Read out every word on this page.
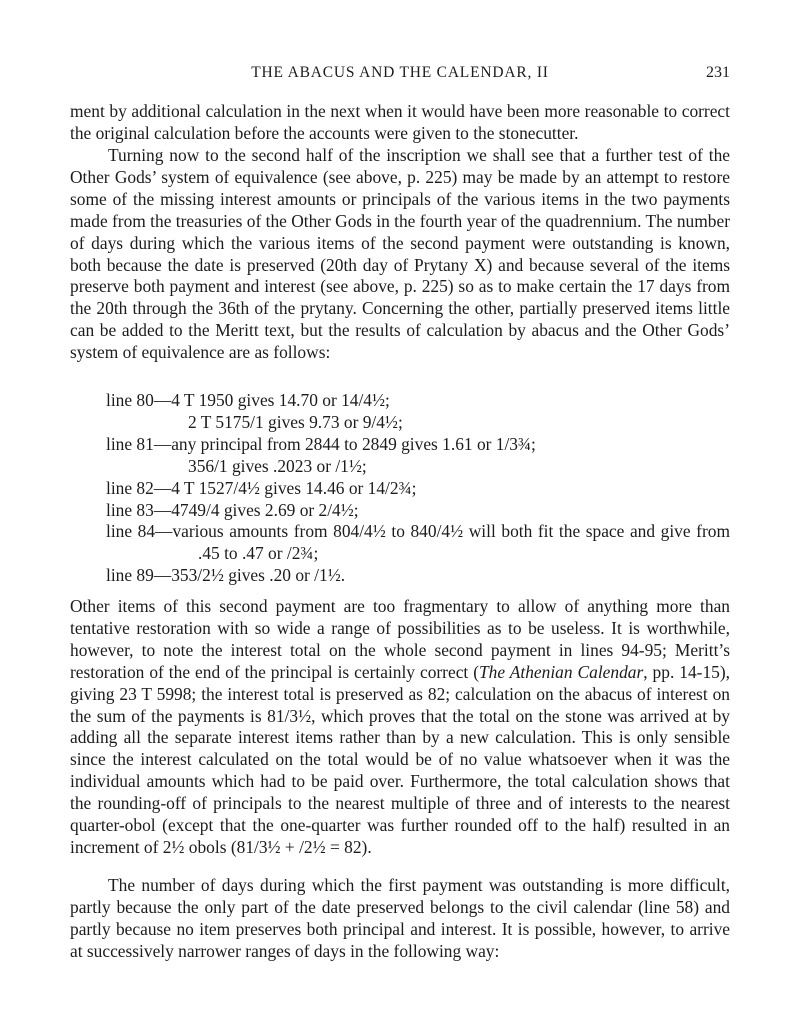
THE ABACUS AND THE CALENDAR, II	231

ment by additional calculation in the next when it would have been more reasonable to correct the original calculation before the accounts were given to the stonecutter.

Turning now to the second half of the inscription we shall see that a further test of the Other Gods’ system of equivalence (see above, p. 225) may be made by an attempt to restore some of the missing interest amounts or principals of the various items in the two payments made from the treasuries of the Other Gods in the fourth year of the quadrennium. The number of days during which the various items of the second payment were outstanding is known, both because the date is preserved (20th day of Prytany X) and because several of the items preserve both payment and interest (see above, p. 225) so as to make certain the 17 days from the 20th through the 36th of the prytany. Concerning the other, partially preserved items little can be added to the Meritt text, but the results of calculation by abacus and the Other Gods’ system of equivalence are as follows:

line 80—4 T 1950 gives 14.70 or 14/4½;

2 T 5175/1 gives 9.73 or 9/4½;

line 81—any principal from 2844 to 2849 gives 1.61 or 1/3¾;

356/1 gives .2023 or /1½;

line 82—4 T 1527/4½ gives 14.46 or 14/2¾;

line 83—4749/4 gives 2.69 or 2/4½;

line 84—various amounts from 804/4½ to 840/4½ will both fit the space and give from .45 to .47 or /2¾;

line 89—353/2½ gives .20 or /1½.

Other items of this second payment are too fragmentary to allow of anything more than tentative restoration with so wide a range of possibilities as to be useless. It is worthwhile, however, to note the interest total on the whole second payment in lines 94-95; Meritt’s restoration of the end of the principal is certainly correct (The Athenian Calendar, pp. 14-15), giving 23 T 5998; the interest total is preserved as 82; calculation on the abacus of interest on the sum of the payments is 81/3½, which proves that the total on the stone was arrived at by adding all the separate interest items rather than by a new calculation. This is only sensible since the interest calculated on the total would be of no value whatsoever when it was the individual amounts which had to be paid over. Furthermore, the total calculation shows that the rounding-off of principals to the nearest multiple of three and of interests to the nearest quarter-obol (except that the one-quarter was further rounded off to the half) resulted in an increment of 2½ obols (81/3½ + /2½ = 82).

The number of days during which the first payment was outstanding is more difficult, partly because the only part of the date preserved belongs to the civil calendar (line 58) and partly because no item preserves both principal and interest. It is possible, however, to arrive at successively narrower ranges of days in the following way:
